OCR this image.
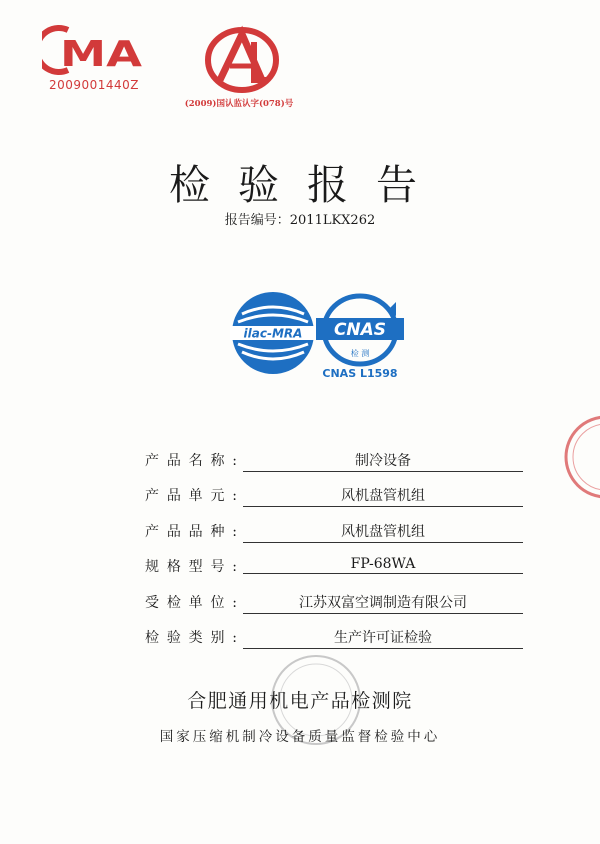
MA
2009001440Z
(2009)国认监认字(078)号
检验报告
报告编号：2011LKX262
ilac-MRA CNAS
检 测
CNAS L1598
产品名称:	制冷设备
产品单元:	风机盘管机组
产品品种:	风机盘管机组
规格型号:	FP-68WA
受检单位:	江苏双富空调制造有限公司
检验类别:	生产许可证检验
合肥通用机电产品检测院
国家压缩机制冷设备质量监督检验中心
